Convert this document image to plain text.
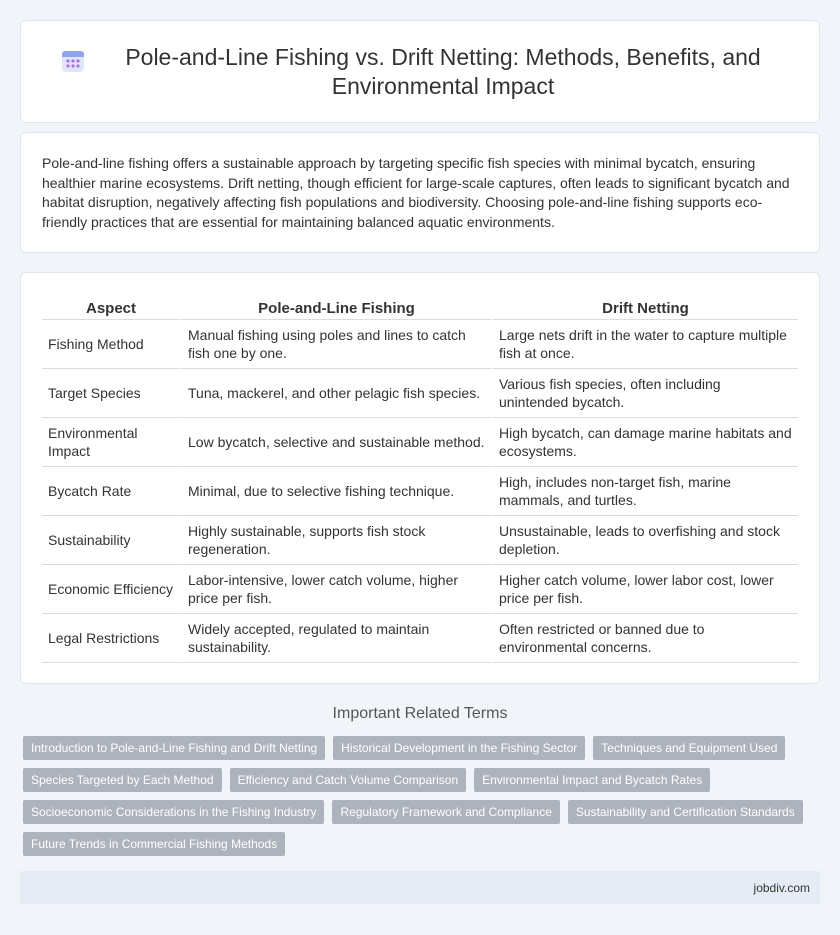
Pole-and-Line Fishing vs. Drift Netting: Methods, Benefits, and Environmental Impact

Pole-and-line fishing offers a sustainable approach by targeting specific fish species with minimal bycatch, ensuring healthier marine ecosystems. Drift netting, though efficient for large-scale captures, often leads to significant bycatch and habitat disruption, negatively affecting fish populations and biodiversity. Choosing pole-and-line fishing supports eco-friendly practices that are essential for maintaining balanced aquatic environments.

Aspect	Pole-and-Line Fishing	Drift Netting
Fishing Method	Manual fishing using poles and lines to catch fish one by one.	Large nets drift in the water to capture multiple fish at once.
Target Species	Tuna, mackerel, and other pelagic fish species.	Various fish species, often including unintended bycatch.
Environmental Impact	Low bycatch, selective and sustainable method.	High bycatch, can damage marine habitats and ecosystems.
Bycatch Rate	Minimal, due to selective fishing technique.	High, includes non-target fish, marine mammals, and turtles.
Sustainability	Highly sustainable, supports fish stock regeneration.	Unsustainable, leads to overfishing and stock depletion.
Economic Efficiency	Labor-intensive, lower catch volume, higher price per fish.	Higher catch volume, lower labor cost, lower price per fish.
Legal Restrictions	Widely accepted, regulated to maintain sustainability.	Often restricted or banned due to environmental concerns.
Important Related Terms
Introduction to Pole-and-Line Fishing and Drift Netting	Historical Development in the Fishing Sector	Techniques and Equipment Used
Species Targeted by Each Method	Efficiency and Catch Volume Comparison	Environmental Impact and Bycatch Rates
Socioeconomic Considerations in the Fishing Industry	Regulatory Framework and Compliance	Sustainability and Certification Standards
Future Trends in Commercial Fishing Methods
jobdiv.com
